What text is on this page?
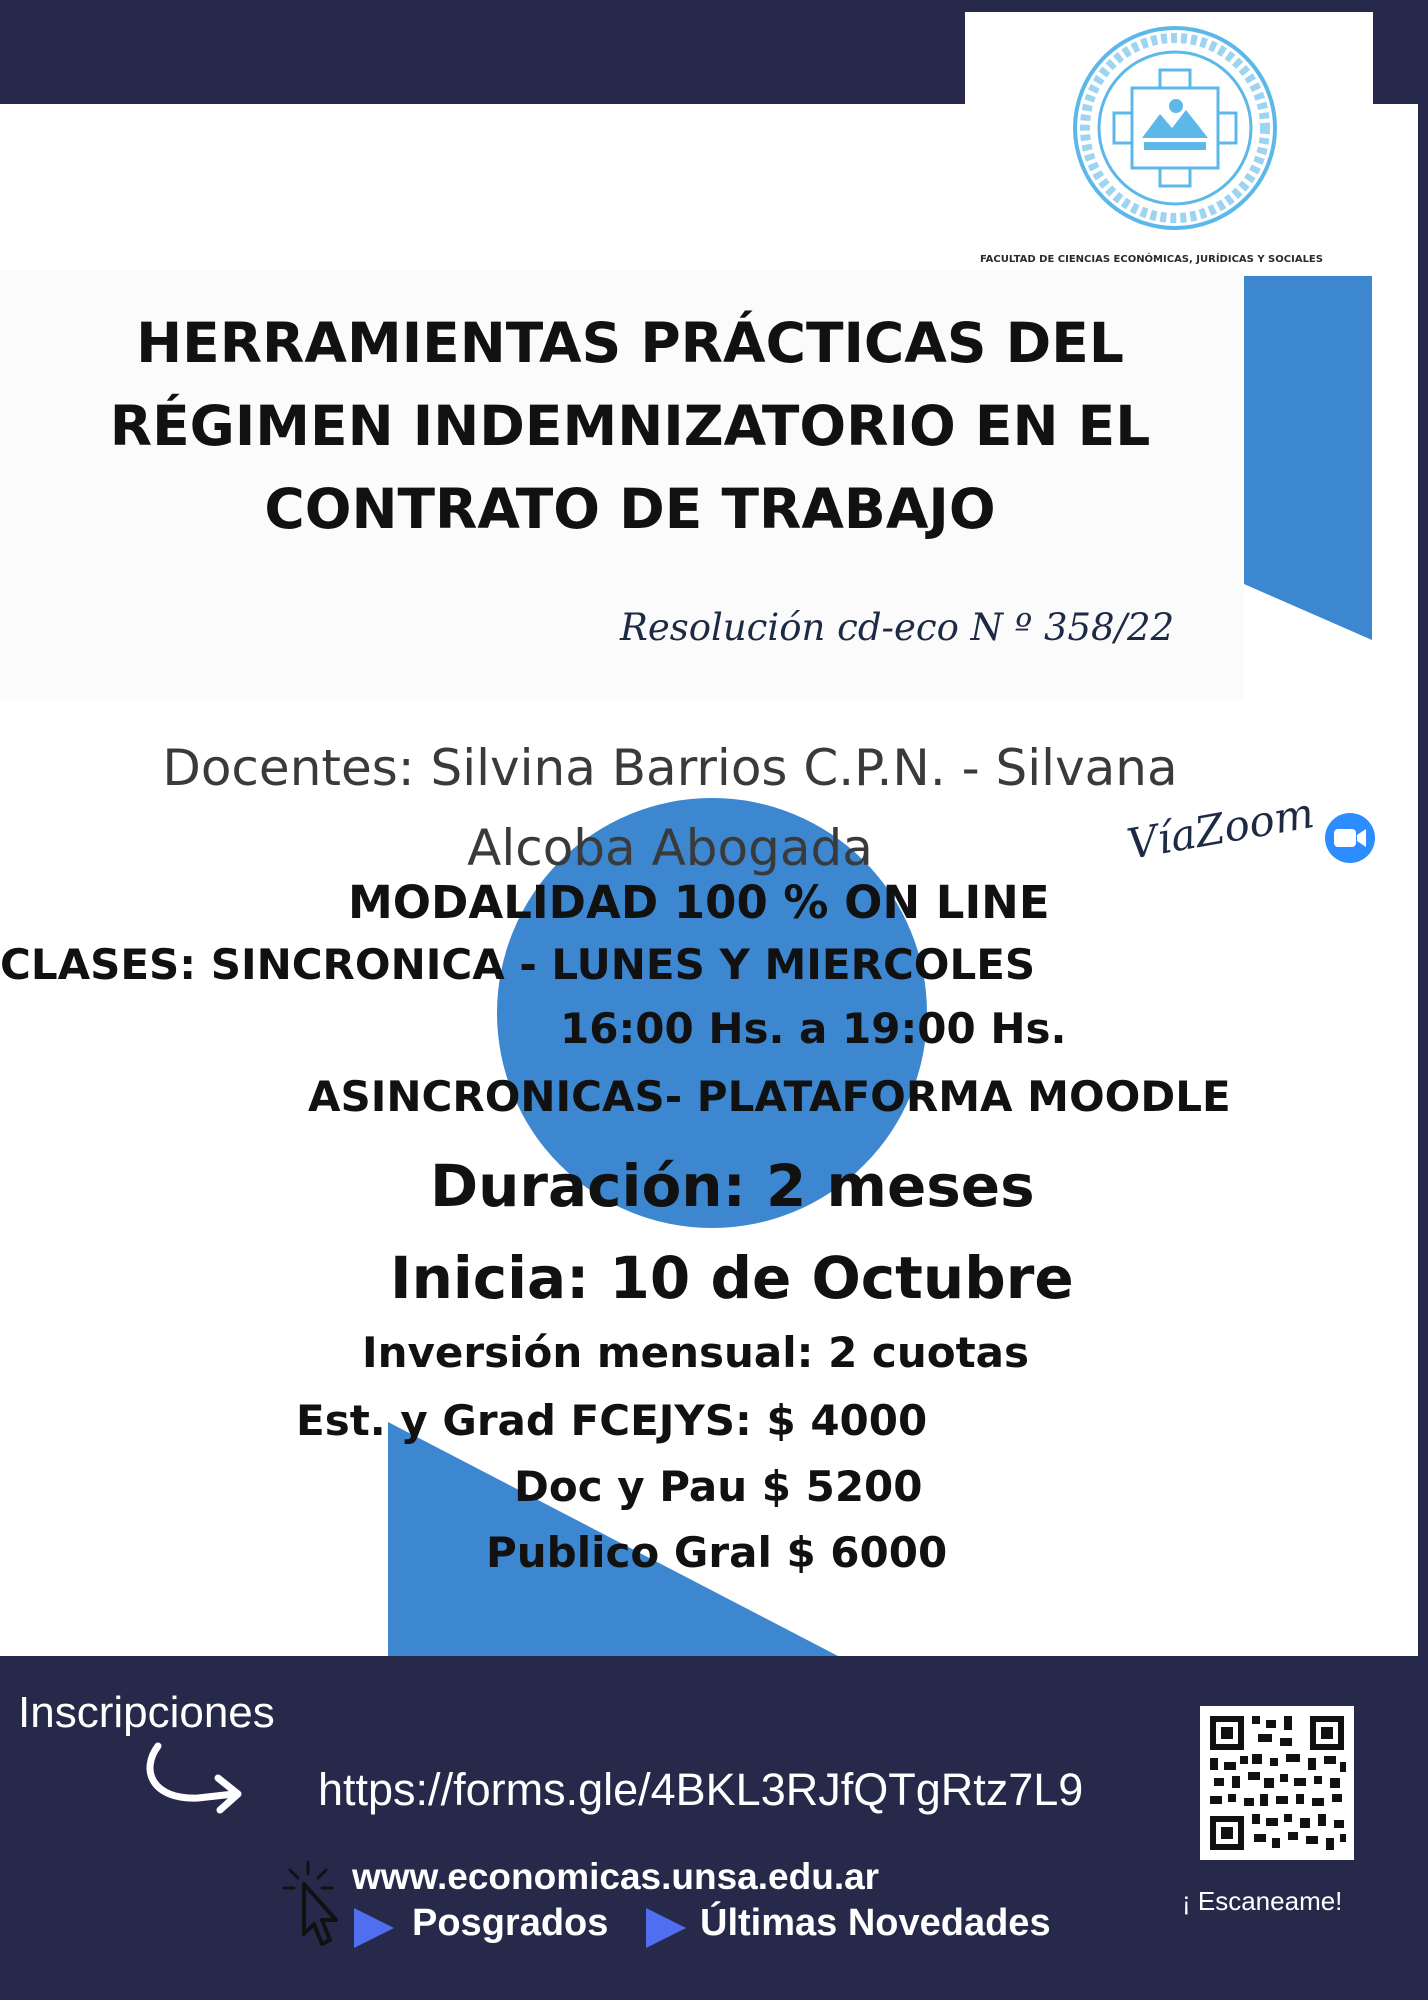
FACULTAD DE CIENCIAS ECONÓMICAS, JURÍDICAS Y SOCIALES
HERRAMIENTAS PRÁCTICAS DEL RÉGIMEN INDEMNIZATORIO EN EL CONTRATO DE TRABAJO
Resolución cd-eco N º 358/22
Docentes: Silvina Barrios C.P.N. - Silvana
Alcoba Abogada	VíaZoom
MODALIDAD 100 % ON LINE
CLASES: SINCRONICA - LUNES Y MIERCOLES
16:00 Hs. a 19:00 Hs.
ASINCRONICAS- PLATAFORMA MOODLE
Duración: 2 meses
Inicia: 10 de Octubre
Inversión mensual: 2 cuotas
Est. y Grad FCEJYS: $ 4000
Doc y Pau $ 5200
Publico Gral $ 6000
Inscripciones
https://forms.gle/4BKL3RJfQTgRtz7L9
¡ Escaneame!
www.economicas.unsa.edu.ar
Posgrados Últimas Novedades
